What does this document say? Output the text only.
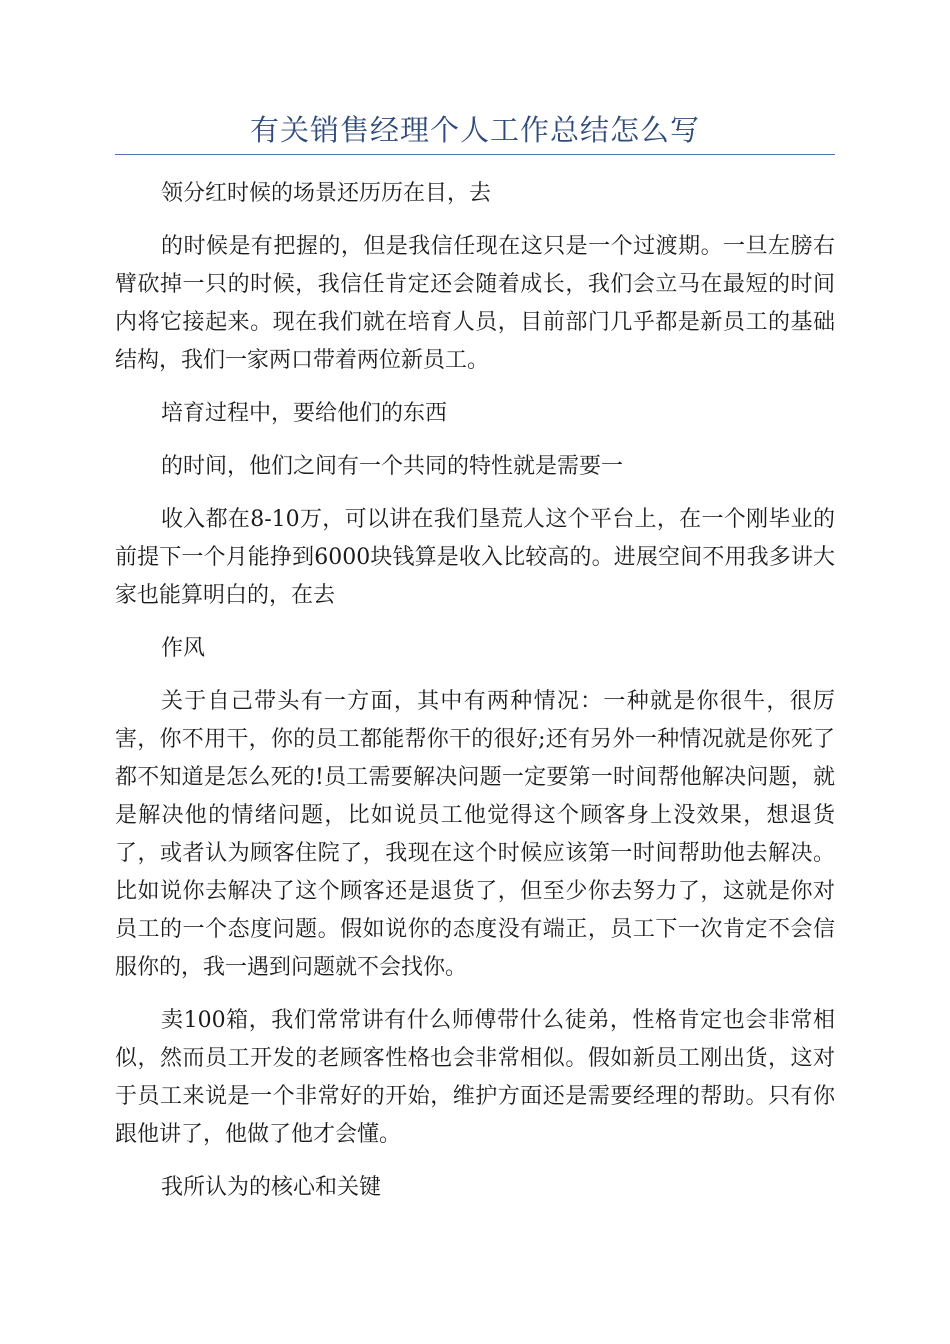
有关销售经理个人工作总结怎么写

领分红时候的场景还历历在目，去

的时候是有把握的，但是我信任现在这只是一个过渡期。一旦左膀右臂砍掉一只的时候，我信任肯定还会随着成长，我们会立马在最短的时间内将它接起来。现在我们就在培育人员，目前部门几乎都是新员工的基础结构，我们一家两口带着两位新员工。

培育过程中，要给他们的东西

的时间，他们之间有一个共同的特性就是需要一

收入都在8-10万，可以讲在我们垦荒人这个平台上，在一个刚毕业的前提下一个月能挣到6000块钱算是收入比较高的。进展空间不用我多讲大家也能算明白的，在去

作风

关于自己带头有一方面，其中有两种情况：一种就是你很牛，很厉害，你不用干，你的员工都能帮你干的很好;还有另外一种情况就是你死了都不知道是怎么死的!员工需要解决问题一定要第一时间帮他解决问题，就是解决他的情绪问题，比如说员工他觉得这个顾客身上没效果，想退货了，或者认为顾客住院了，我现在这个时候应该第一时间帮助他去解决。比如说你去解决了这个顾客还是退货了，但至少你去努力了，这就是你对员工的一个态度问题。假如说你的态度没有端正，员工下一次肯定不会信服你的，我一遇到问题就不会找你。

卖100箱，我们常常讲有什么师傅带什么徒弟，性格肯定也会非常相似，然而员工开发的老顾客性格也会非常相似。假如新员工刚出货，这对于员工来说是一个非常好的开始，维护方面还是需要经理的帮助。只有你跟他讲了，他做了他才会懂。

我所认为的核心和关键
